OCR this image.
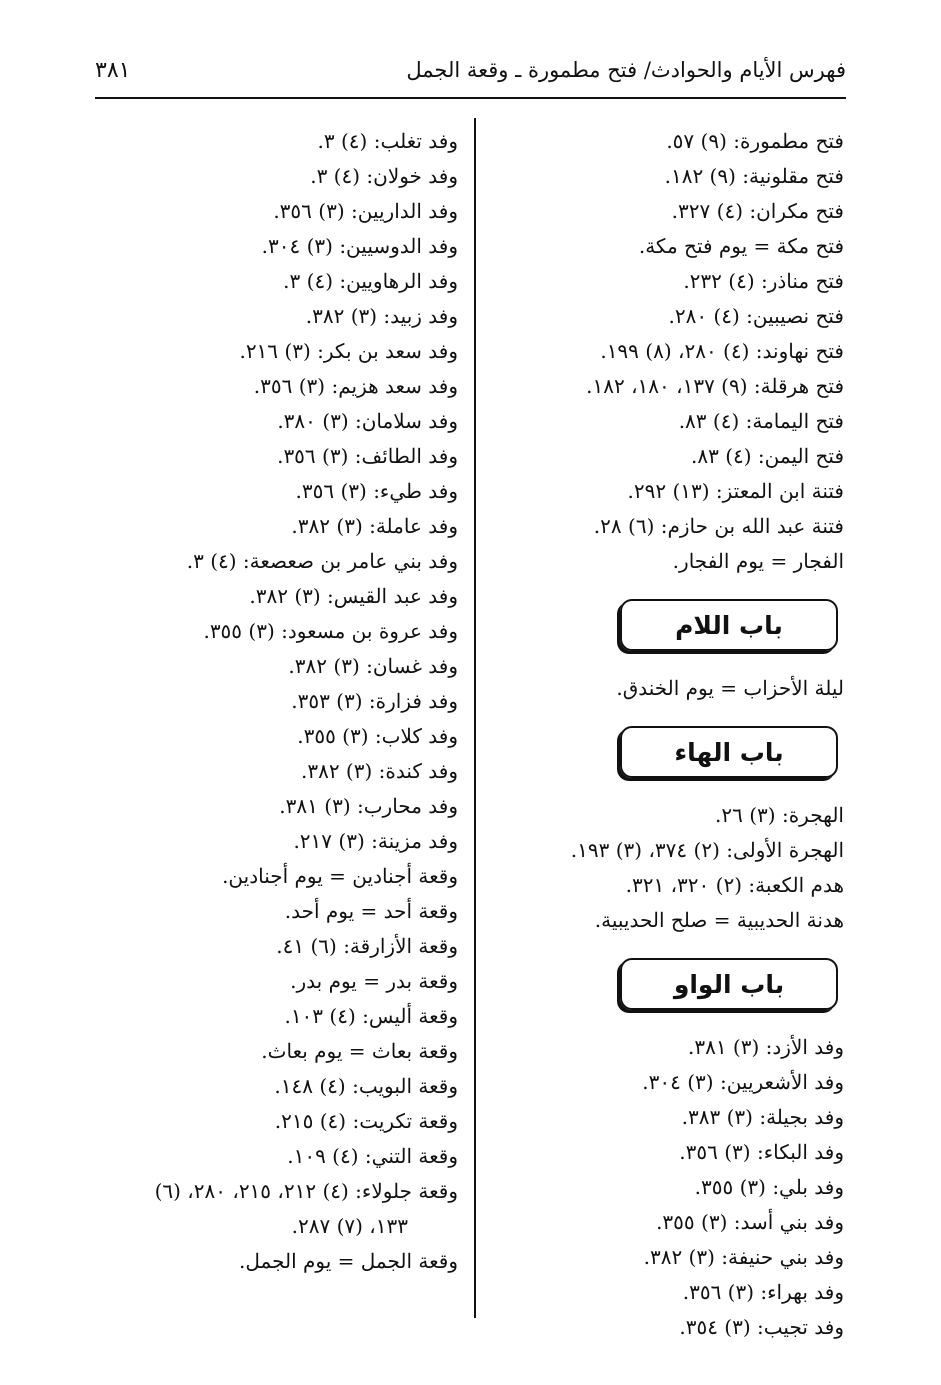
فهرس الأيام والحوادث/ فتح مطمورة ـ وقعة الجمل
٣٨١
فتح مطمورة: (٩) ٥٧.
فتح مقلونية: (٩) ١٨٢.
فتح مكران: (٤) ٣٢٧.
فتح مكة = يوم فتح مكة.
فتح مناذر: (٤) ٢٣٢.
فتح نصيبين: (٤) ٢٨٠.
فتح نهاوند: (٤) ٢٨٠، (٨) ١٩٩.
فتح هرقلة: (٩) ١٣٧، ١٨٠، ١٨٢.
فتح اليمامة: (٤) ٨٣.
فتح اليمن: (٤) ٨٣.
فتنة ابن المعتز: (١٣) ٢٩٢.
فتنة عبد الله بن حازم: (٦) ٢٨.
الفجار = يوم الفجار.
باب اللام
ليلة الأحزاب = يوم الخندق.
باب الهاء
الهجرة: (٣) ٢٦.
الهجرة الأولى: (٢) ٣٧٤، (٣) ١٩٣.
هدم الكعبة: (٢) ٣٢٠، ٣٢١.
هدنة الحديبية = صلح الحديبية.
باب الواو
وفد الأزد: (٣) ٣٨١.
وفد الأشعريين: (٣) ٣٠٤.
وفد بجيلة: (٣) ٣٨٣.
وفد البكاء: (٣) ٣٥٦.
وفد بلي: (٣) ٣٥٥.
وفد بني أسد: (٣) ٣٥٥.
وفد بني حنيفة: (٣) ٣٨٢.
وفد بهراء: (٣) ٣٥٦.
وفد تجيب: (٣) ٣٥٤.
وفد تغلب: (٤) ٣.
وفد خولان: (٤) ٣.
وفد الداريين: (٣) ٣٥٦.
وفد الدوسيين: (٣) ٣٠٤.
وفد الرهاويين: (٤) ٣.
وفد زبيد: (٣) ٣٨٢.
وفد سعد بن بكر: (٣) ٢١٦.
وفد سعد هزيم: (٣) ٣٥٦.
وفد سلامان: (٣) ٣٨٠.
وفد الطائف: (٣) ٣٥٦.
وفد طيء: (٣) ٣٥٦.
وفد عاملة: (٣) ٣٨٢.
وفد بني عامر بن صعصعة: (٤) ٣.
وفد عبد القيس: (٣) ٣٨٢.
وفد عروة بن مسعود: (٣) ٣٥٥.
وفد غسان: (٣) ٣٨٢.
وفد فزارة: (٣) ٣٥٣.
وفد كلاب: (٣) ٣٥٥.
وفد كندة: (٣) ٣٨٢.
وفد محارب: (٣) ٣٨١.
وفد مزينة: (٣) ٢١٧.
وقعة أجنادين = يوم أجنادين.
وقعة أحد = يوم أحد.
وقعة الأزارقة: (٦) ٤١.
وقعة بدر = يوم بدر.
وقعة أليس: (٤) ١٠٣.
وقعة بعاث = يوم بعاث.
وقعة البويب: (٤) ١٤٨.
وقعة تكريت: (٤) ٢١٥.
وقعة التني: (٤) ١٠٩.
وقعة جلولاء: (٤) ٢١٢، ٢١٥، ٢٨٠، (٦)
١٣٣، (٧) ٢٨٧.
وقعة الجمل = يوم الجمل.
